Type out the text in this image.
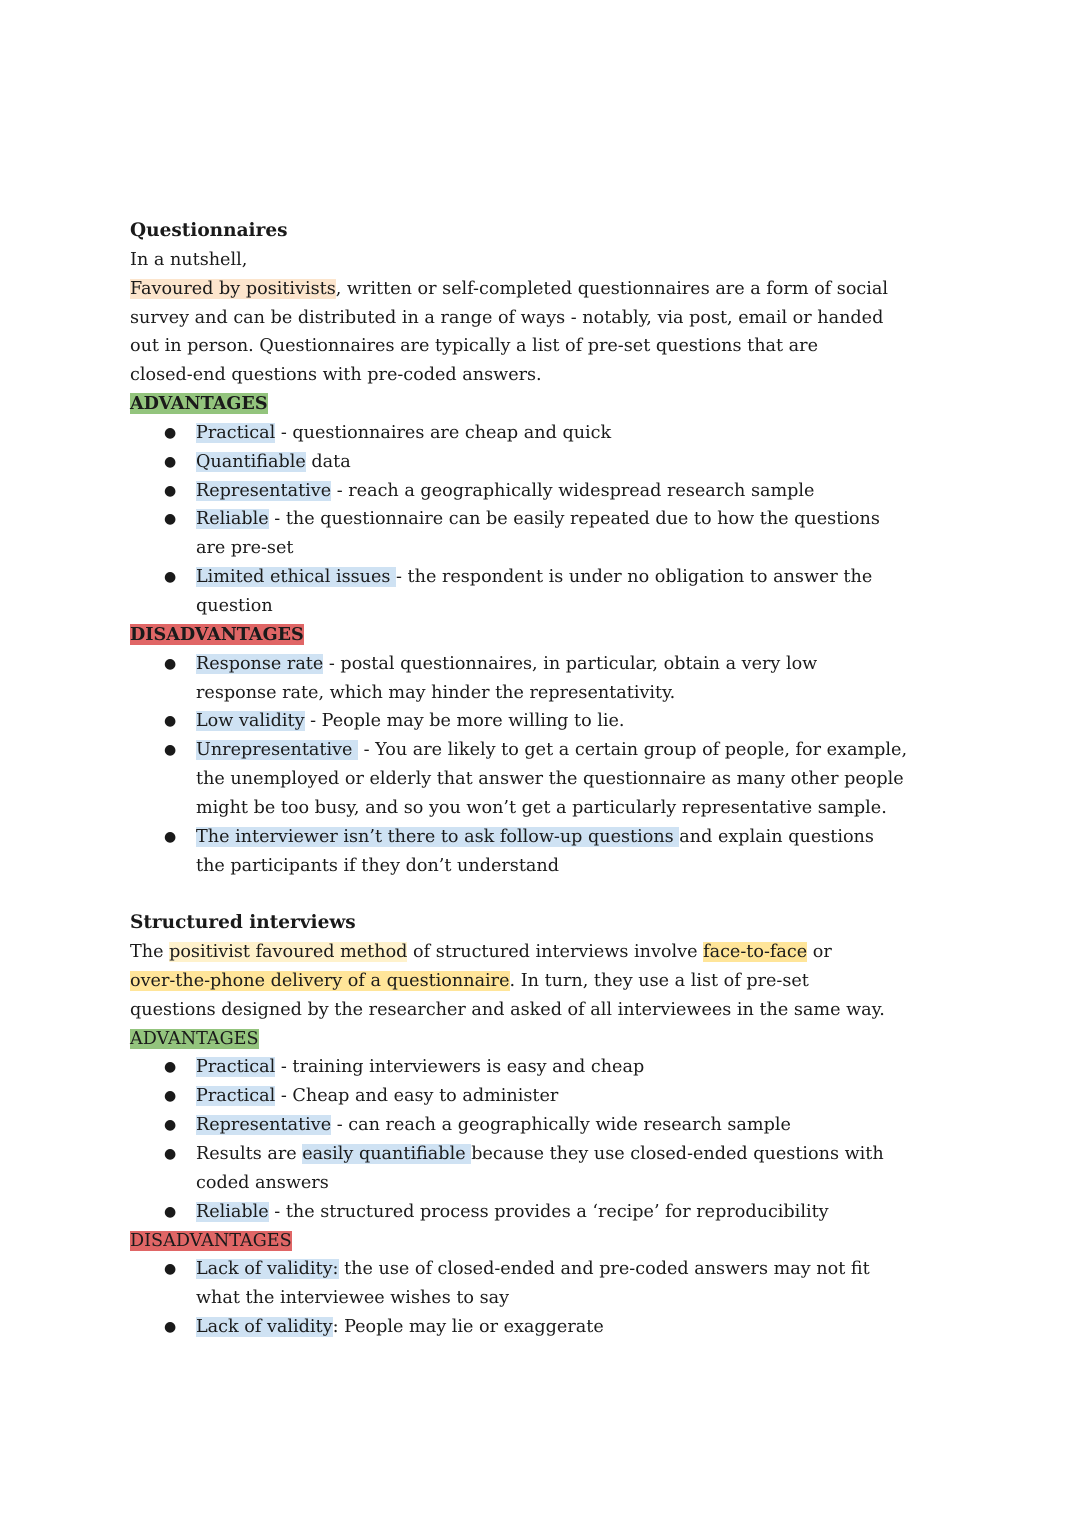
Questionnaires
In a nutshell,
Favoured by positivists, written or self-completed questionnaires are a form of social
survey and can be distributed in a range of ways - notably, via post, email or handed
out in person. Questionnaires are typically a list of pre-set questions that are
closed-end questions with pre-coded answers.
ADVANTAGES
● Practical - questionnaires are cheap and quick
● Quantifiable data
● Representative - reach a geographically widespread research sample
● Reliable - the questionnaire can be easily repeated due to how the questions
are pre-set
● Limited ethical issues - the respondent is under no obligation to answer the
question
DISADVANTAGES
● Response rate - postal questionnaires, in particular, obtain a very low
response rate, which may hinder the representativity.
● Low validity - People may be more willing to lie.
● Unrepresentative  - You are likely to get a certain group of people, for example,
the unemployed or elderly that answer the questionnaire as many other people
might be too busy, and so you won’t get a particularly representative sample.
● The interviewer isn’t there to ask follow-up questions and explain questions
the participants if they don’t understand
Structured interviews
The positivist favoured method of structured interviews involve face-to-face or
over-the-phone delivery of a questionnaire. In turn, they use a list of pre-set
questions designed by the researcher and asked of all interviewees in the same way.
ADVANTAGES
● Practical - training interviewers is easy and cheap
● Practical - Cheap and easy to administer
● Representative - can reach a geographically wide research sample
● Results are easily quantifiable because they use closed-ended questions with
coded answers
● Reliable - the structured process provides a ‘recipe’ for reproducibility
DISADVANTAGES
● Lack of validity: the use of closed-ended and pre-coded answers may not fit
what the interviewee wishes to say
● Lack of validity: People may lie or exaggerate
